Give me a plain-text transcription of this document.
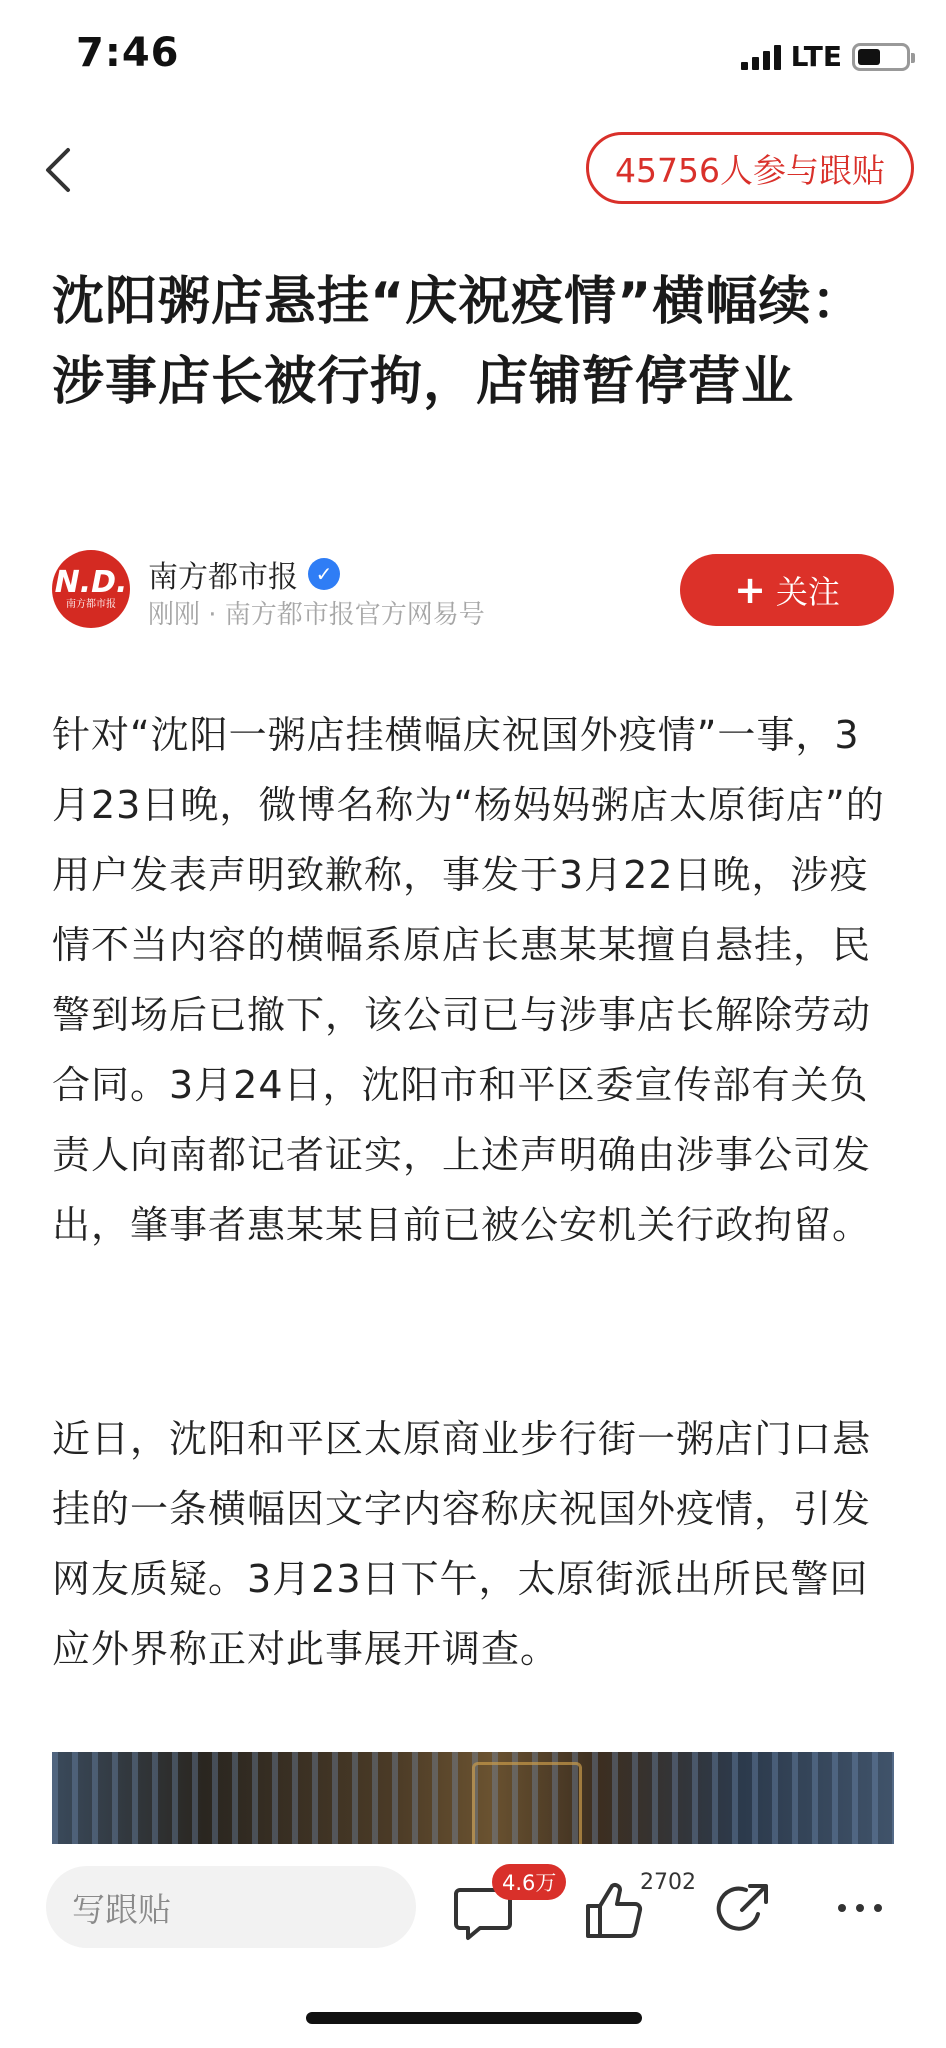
7:46	LTE
45756人参与跟贴
沈阳粥店悬挂“庆祝疫情”横幅续：涉事店长被行拘，店铺暂停营业
N.D.
南方都市报
南方都市报 ✓
刚刚 · 南方都市报官方网易号
+ 关注

针对“沈阳一粥店挂横幅庆祝国外疫情”一事，3月23日晚，微博名称为“杨妈妈粥店太原街店”的用户发表声明致歉称，事发于3月22日晚，涉疫情不当内容的横幅系原店长惠某某擅自悬挂，民警到场后已撤下，该公司已与涉事店长解除劳动合同。3月24日，沈阳市和平区委宣传部有关负责人向南都记者证实，上述声明确由涉事公司发出，肇事者惠某某目前已被公安机关行政拘留。

近日，沈阳和平区太原商业步行街一粥店门口悬挂的一条横幅因文字内容称庆祝国外疫情，引发网友质疑。3月23日下午，太原街派出所民警回应外界称正对此事展开调查。

写跟贴
4.6万	2702
